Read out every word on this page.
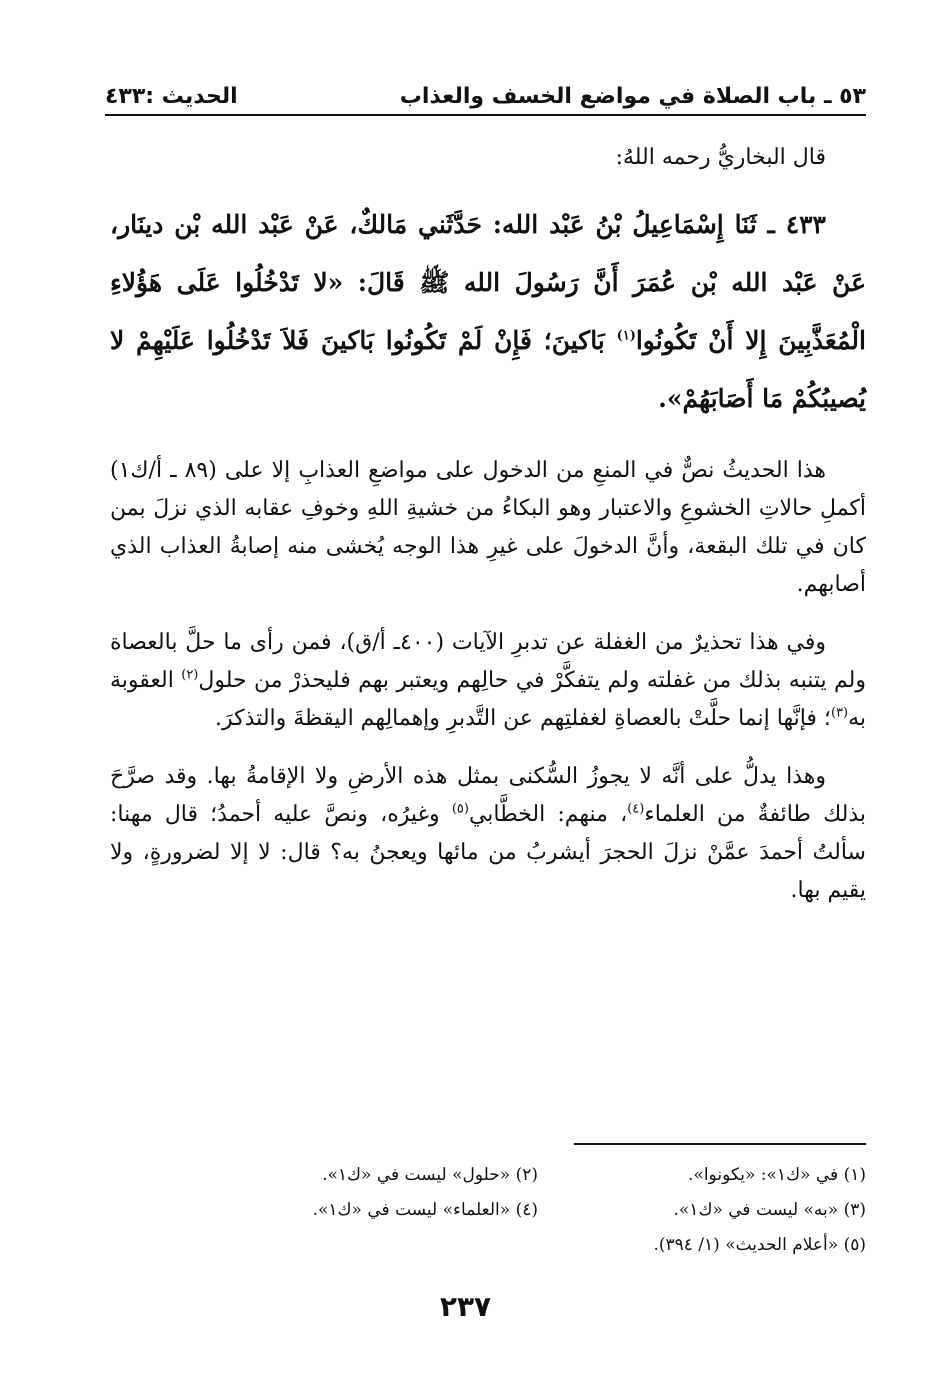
٥٣ ـ باب الصلاة في مواضع الخسف والعذاب
الحديث :٤٣٣

قال البخاريُّ رحمه اللهُ:

٤٣٣ ـ ثَنَا إِسْمَاعِيلُ بْنُ عَبْد الله: حَدَّثَني مَالكٌ، عَنْ عَبْد الله بْن دينَار، عَنْ عَبْد الله بْن عُمَرَ أَنَّ رَسُولَ الله ﷺ قَالَ: «لا تَدْخُلُوا عَلَى هَؤُلاءِ الْمُعَذَّبِينَ إِلا أَنْ تَكُونُوا$^{(١)}$ بَاكينَ؛ فَإِنْ لَمْ تَكُونُوا بَاكينَ فَلاَ تَدْخُلُوا عَلَيْهِمْ لا يُصيبُكُمْ مَا أَصَابَهُمْ».

هذا الحديثُ نصٌّ في المنعِ من الدخول على مواضعِ العذابِ إلا على (٨٩ ـ أ/ك١) أكملِ حالاتِ الخشوعِ والاعتبار وهو البكاءُ من خشيةِ اللهِ وخوفِ عقابه الذي نزلَ بمن كان في تلك البقعة، وأنَّ الدخولَ على غيرِ هذا الوجه يُخشى منه إصابةُ العذاب الذي أصابهم.

وفي هذا تحذيرٌ من الغفلة عن تدبرِ الآيات (٤٠٠ـ أ/ق)، فمن رأى ما حلَّ بالعصاة ولم يتنبه بذلك من غفلته ولم يتفكَّرْ في حالِهم ويعتبر بهم فليحذرْ من حلول$^{(٢)}$ العقوبة به$^{(٣)}$؛ فإنَّها إنما حلَّتْ بالعصاةِ لغفلتِهم عن التَّدبرِ وإهمالِهم اليقظةَ والتذكرَ.

وهذا يدلُّ على أنَّه لا يجوزُ السُّكنى بمثل هذه الأرضِ ولا الإقامةُ بها. وقد صرَّحَ بذلك طائفةٌ من العلماء$^{(٤)}$، منهم: الخطَّابي$^{(٥)}$ وغيرُه، ونصَّ عليه أحمدُ؛ قال مهنا: سألتُ أحمدَ عمَّنْ نزلَ الحجرَ أيشربُ من مائها ويعجنُ به؟ قال: لا إلا لضرورةٍ، ولا يقيم بها.

(١) في «ك١»: «يكونوا».
(٢) «حلول» ليست في «ك١».
(٣) «به» ليست في «ك١».
(٤) «العلماء» ليست في «ك١».
(٥) «أعلام الحديث» (١/ ٣٩٤).
٢٣٧
